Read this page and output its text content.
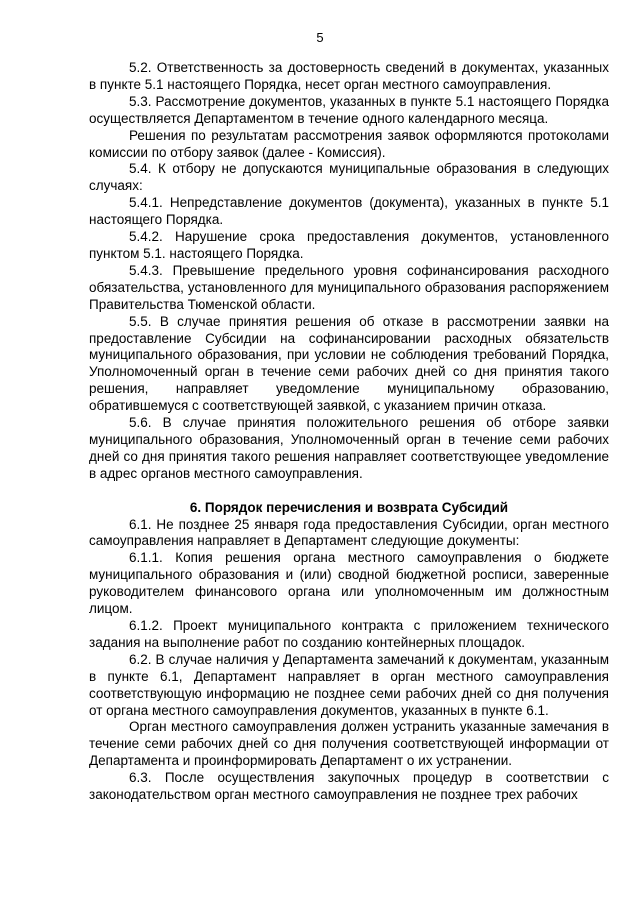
5

5.2. Ответственность за достоверность сведений в документах, указанных в пункте 5.1 настоящего Порядка, несет орган местного самоуправления.

5.3. Рассмотрение документов, указанных в пункте 5.1 настоящего Порядка осуществляется Департаментом в течение одного календарного месяца.

Решения по результатам рассмотрения заявок оформляются протоколами комиссии по отбору заявок (далее - Комиссия).

5.4. К отбору не допускаются муниципальные образования в следующих случаях:

5.4.1. Непредставление документов (документа), указанных в пункте 5.1 настоящего Порядка.

5.4.2. Нарушение срока предоставления документов, установленного пунктом 5.1. настоящего Порядка.

5.4.3. Превышение предельного уровня софинансирования расходного обязательства, установленного для муниципального образования распоряжением Правительства Тюменской области.

5.5. В случае принятия решения об отказе в рассмотрении заявки на предоставление Субсидии на софинансировании расходных обязательств муниципального образования, при условии не соблюдения требований Порядка, Уполномоченный орган в течение семи рабочих дней со дня принятия такого решения, направляет уведомление муниципальному образованию, обратившемуся с соответствующей заявкой, с указанием причин отказа.

5.6. В случае принятия положительного решения об отборе заявки муниципального образования, Уполномоченный орган в течение семи рабочих дней со дня принятия такого решения направляет соответствующее уведомление в адрес органов местного самоуправления.

6. Порядок перечисления и возврата Субсидий

6.1. Не позднее 25 января года предоставления Субсидии, орган местного самоуправления направляет в Департамент следующие документы:

6.1.1. Копия решения органа местного самоуправления о бюджете муниципального образования и (или) сводной бюджетной росписи, заверенные руководителем финансового органа или уполномоченным им должностным лицом.

6.1.2. Проект муниципального контракта с приложением технического задания на выполнение работ по созданию контейнерных площадок.

6.2. В случае наличия у Департамента замечаний к документам, указанным в пункте 6.1, Департамент направляет в орган местного самоуправления соответствующую информацию не позднее семи рабочих дней со дня получения от органа местного самоуправления документов, указанных в пункте 6.1.

Орган местного самоуправления должен устранить указанные замечания в течение семи рабочих дней со дня получения соответствующей информации от Департамента и проинформировать Департамент о их устранении.

6.3. После осуществления закупочных процедур в соответствии с законодательством орган местного самоуправления не позднее трех рабочих
